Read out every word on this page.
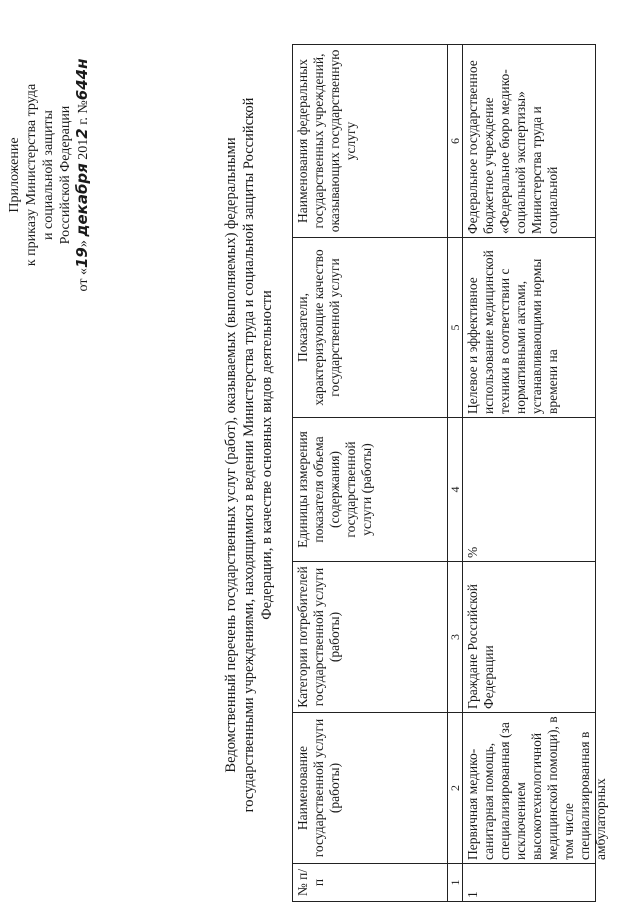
Приложение к приказу Министерства труда и социальной защиты Российской Федерации
от «19» декабря 2012 г. №644н
Ведомственный перечень государственных услуг (работ), оказываемых (выполняемых) федеральными государственными учреждениями, находящимися в ведении Министерства труда и социальной защиты Российской Федерации, в качестве основных видов деятельности
№ п/п	Наименование государственной услуги (работы)	Категории потребителей государственной услуги (работы)	Единицы измерения показателя объема (содержания) государственной услуги (работы)	Показатели, характеризующие качество государственной услуги	Наименования федеральных государственных учреждений, оказывающих государственную услугу
1	2	3	4	5	6
1	Первичная медико-санитарная помощь, специализированная (за исключением высокотехнологичной медицинской помощи), в том числе специализированная в амбулаторных	Граждане Российской Федерации	%	Целевое и эффективное использование медицинской техники в соответствии с нормативными актами, устанавливающими нормы времени на	Федеральное государственное бюджетное учреждение «Федеральное бюро медико-социальной экспертизы» Министерства труда и социальной
